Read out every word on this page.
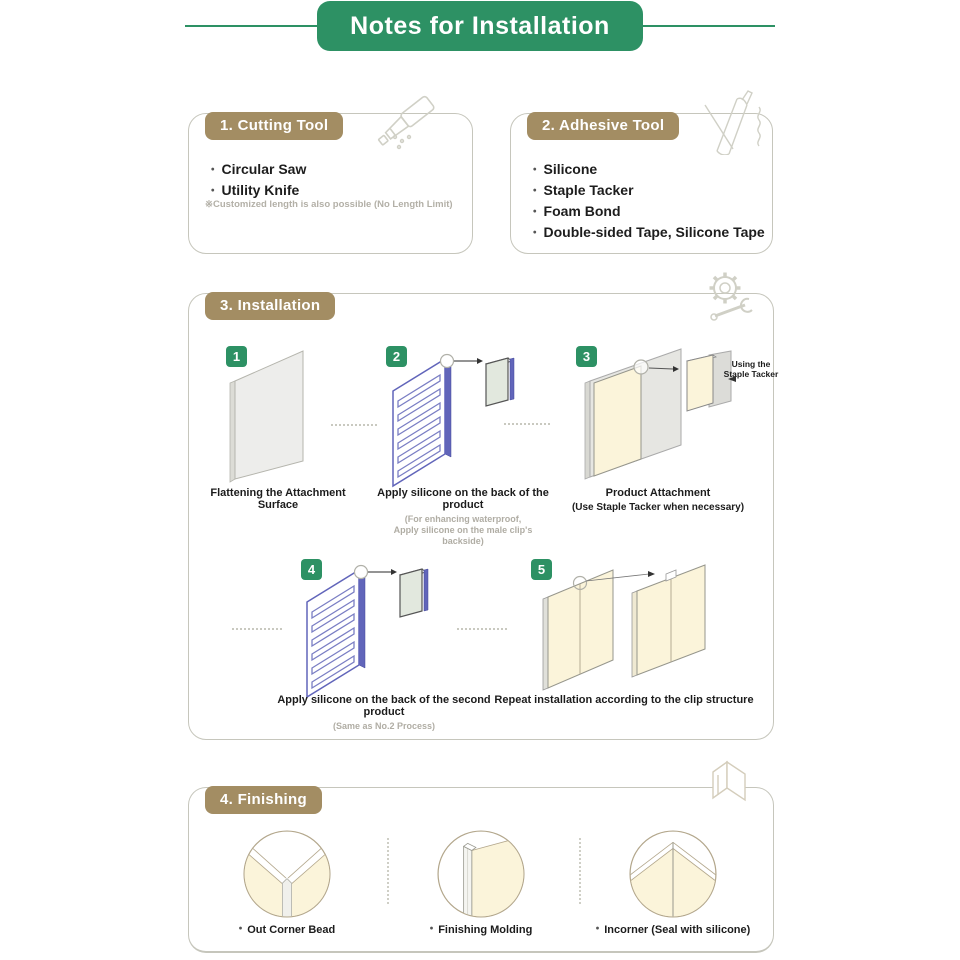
Notes for Installation
1. Cutting Tool
• Circular Saw
• Utility Knife
※Customized length is also possible (No Length Limit)
2. Adhesive Tool
• Silicone
• Staple Tacker
• Foam Bond
• Double-sided Tape, Silicone Tape
3. Installation
1	2	3
4	5
Using the
Staple Tacker
Flattening the Attachment Surface
Apply silicone on the back of the product
(For enhancing waterproof,
Apply silicone on the male clip's backside)
Product Attachment
(Use Staple Tacker when necessary)
Apply silicone on the back of the second product
(Same as No.2 Process)
Repeat installation according to the clip structure
4. Finishing
• Out Corner Bead	• Finishing Molding	• Incorner (Seal with silicone)
